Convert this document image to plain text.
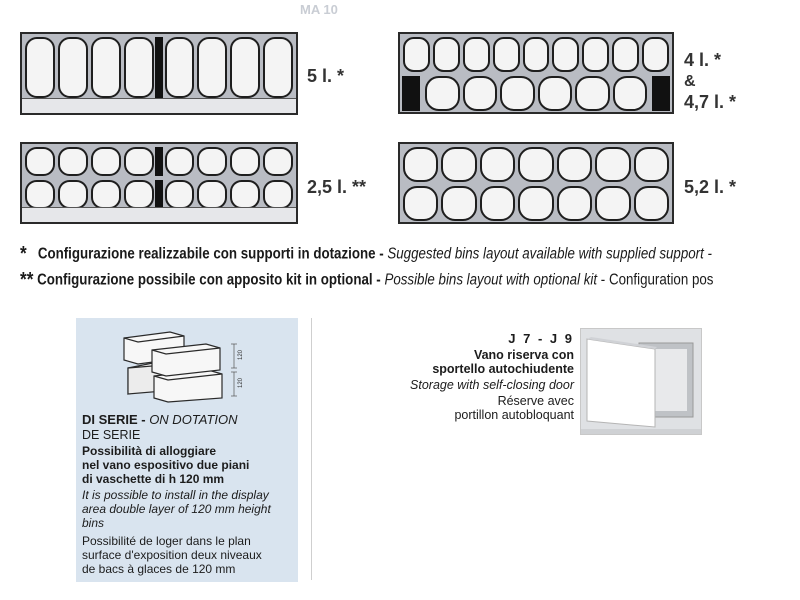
MA 10
5 l. *
4 l. *
&
4,7 l. *
2,5 l. **	5,2 l. *
* Configurazione realizzabile con supporti in dotazione - Suggested bins layout available with supplied support -
** Configurazione possibile con apposito kit in optional - Possible bins layout with optional kit - Configuration pos
120
120
DI SERIE - ON DOTATION
DE SERIE
Possibilità di alloggiare
nel vano espositivo due piani
di vaschette di h 120 mm
It is possible to install in the display
area double layer of 120 mm height
bins
Possibilité de loger dans le plan
surface d'exposition deux niveaux
de bacs à glaces de 120 mm
J 7 - J 9
Vano riserva con
sportello autochiudente
Storage with self-closing door
Réserve avec
portillon autobloquant
